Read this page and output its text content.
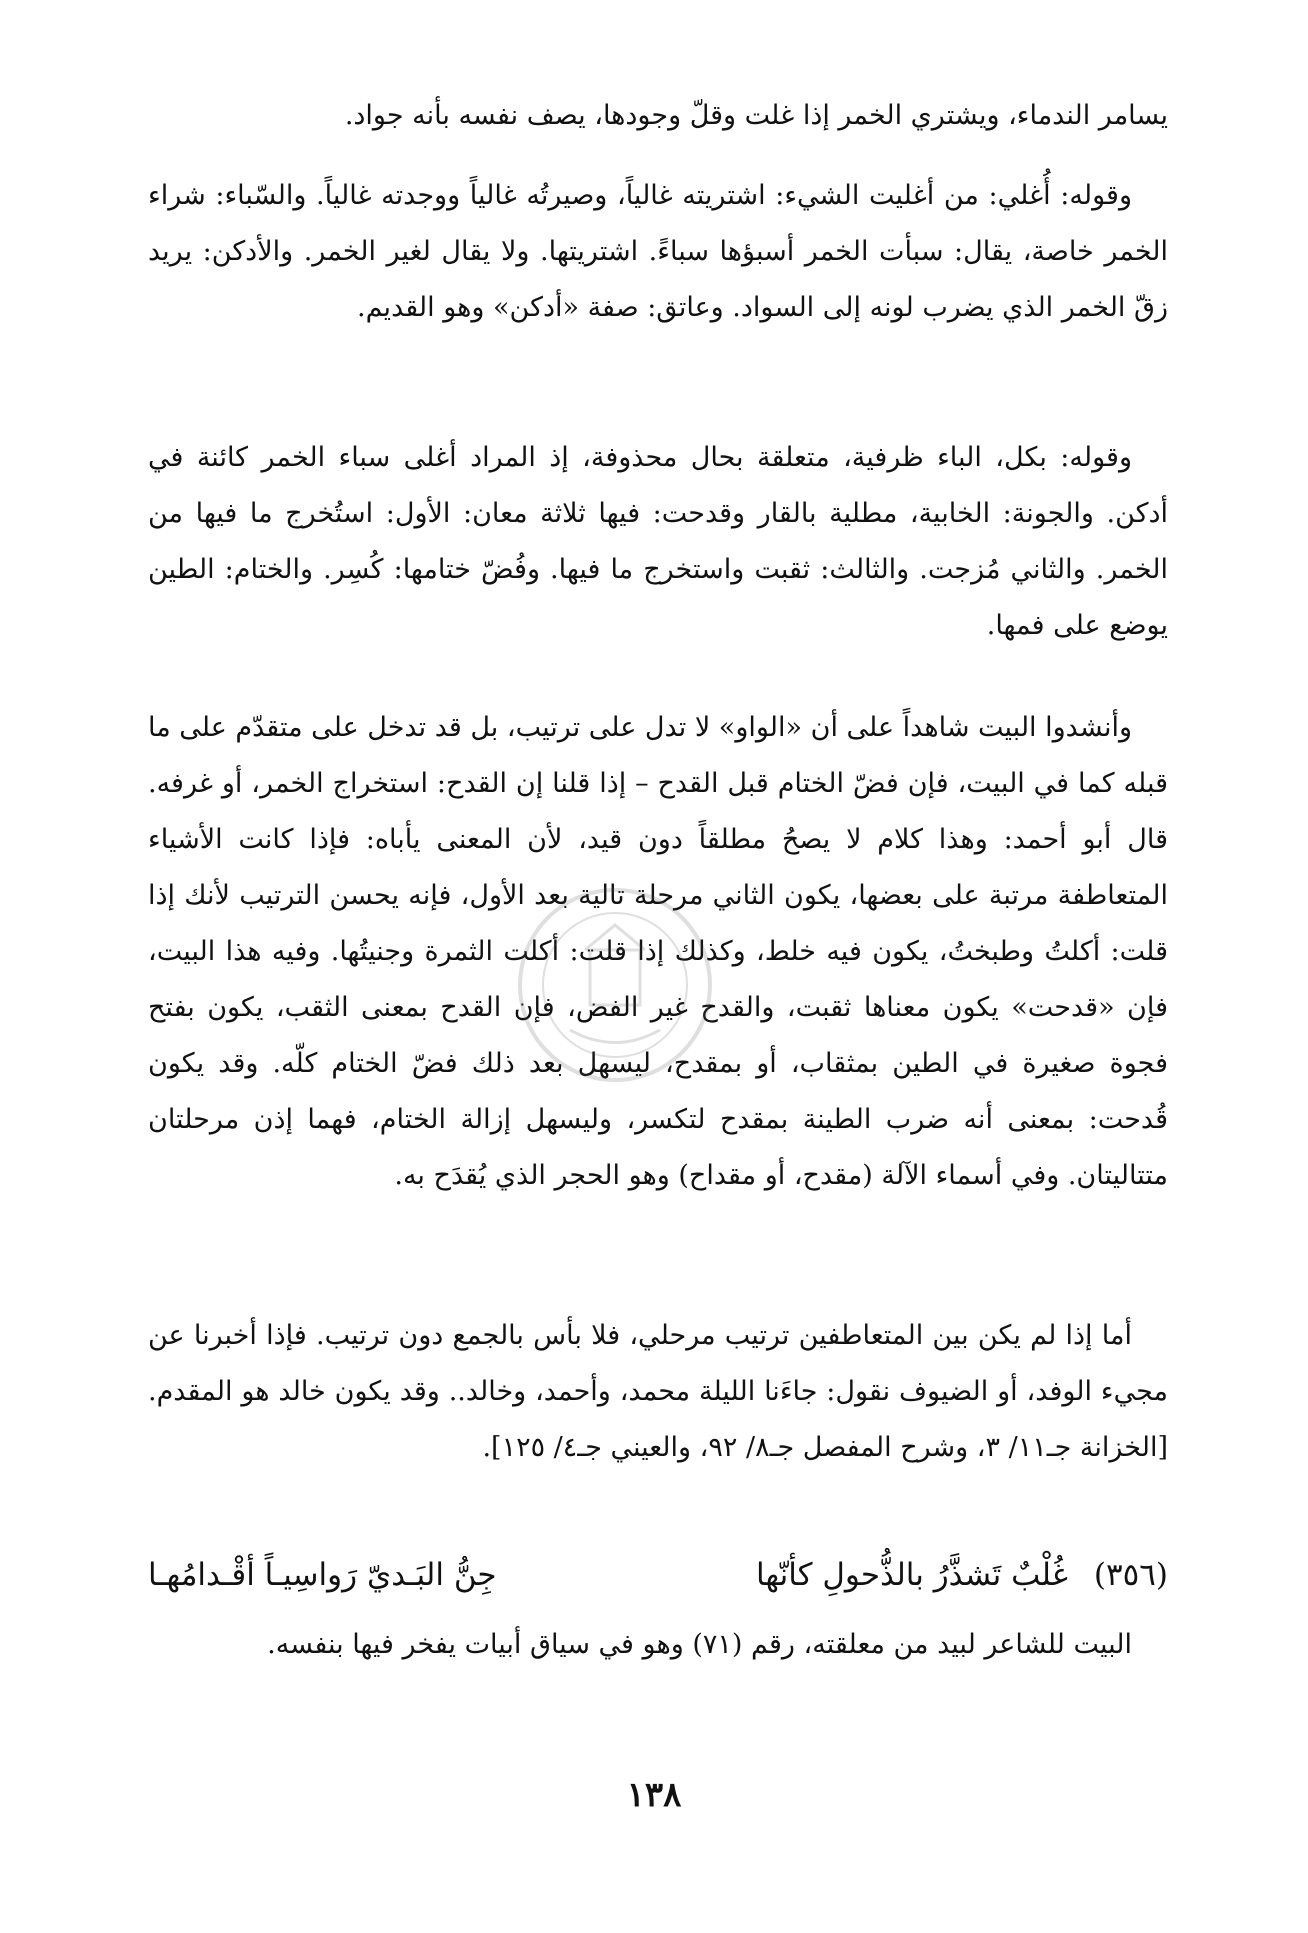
يسامر الندماء، ويشتري الخمر إذا غلت وقلّ وجودها، يصف نفسه بأنه جواد.

وقوله: أُغلي: من أغليت الشيء: اشتريته غالياً، وصيرتُه غالياً ووجدته غالياً. والسّباء: شراء الخمر خاصة، يقال: سبأت الخمر أسبؤها سباءً. اشتريتها. ولا يقال لغير الخمر. والأدكن: يريد زقّ الخمر الذي يضرب لونه إلى السواد. وعاتق: صفة «أدكن» وهو القديم.

وقوله: بكل، الباء ظرفية، متعلقة بحال محذوفة، إذ المراد أغلى سباء الخمر كائنة في أدكن. والجونة: الخابية، مطلية بالقار وقدحت: فيها ثلاثة معان: الأول: استُخرج ما فيها من الخمر. والثاني مُزجت. والثالث: ثقبت واستخرج ما فيها. وفُضّ ختامها: كُسِر. والختام: الطين يوضع على فمها.

وأنشدوا البيت شاهداً على أن «الواو» لا تدل على ترتيب، بل قد تدخل على متقدّم على ما قبله كما في البيت، فإن فضّ الختام قبل القدح – إذا قلنا إن القدح: استخراج الخمر، أو غرفه. قال أبو أحمد: وهذا كلام لا يصحُ مطلقاً دون قيد، لأن المعنى يأباه: فإذا كانت الأشياء المتعاطفة مرتبة على بعضها، يكون الثاني مرحلة تالية بعد الأول، فإنه يحسن الترتيب لأنك إذا قلت: أكلتُ وطبختُ، يكون فيه خلط، وكذلك إذا قلت: أكلت الثمرة وجنيتُها. وفيه هذا البيت، فإن «قدحت» يكون معناها ثقبت، والقدح غير الفض، فإن القدح بمعنى الثقب، يكون بفتح فجوة صغيرة في الطين بمثقاب، أو بمقدح، ليسهل بعد ذلك فضّ الختام كلّه. وقد يكون قُدحت: بمعنى أنه ضرب الطينة بمقدح لتكسر، وليسهل إزالة الختام، فهما إذن مرحلتان متتاليتان. وفي أسماء الآلة (مقدح، أو مقداح) وهو الحجر الذي يُقدَح به.

أما إذا لم يكن بين المتعاطفين ترتيب مرحلي، فلا بأس بالجمع دون ترتيب. فإذا أخبرنا عن مجيء الوفد، أو الضيوف نقول: جاءَنا الليلة محمد، وأحمد، وخالد.. وقد يكون خالد هو المقدم. [الخزانة جـ١١/ ٣، وشرح المفصل جـ٨/ ٩٢، والعيني جـ٤/ ١٢٥].

(٣٥٦)
غُلْبٌ تَشذَّرُ بالذُّحولِ كأنّها
جِنُّ البَـديّ رَواسِيـاً أقْـدامُهـا

البيت للشاعر لبيد من معلقته، رقم (٧١) وهو في سياق أبيات يفخر فيها بنفسه.

١٣٨
